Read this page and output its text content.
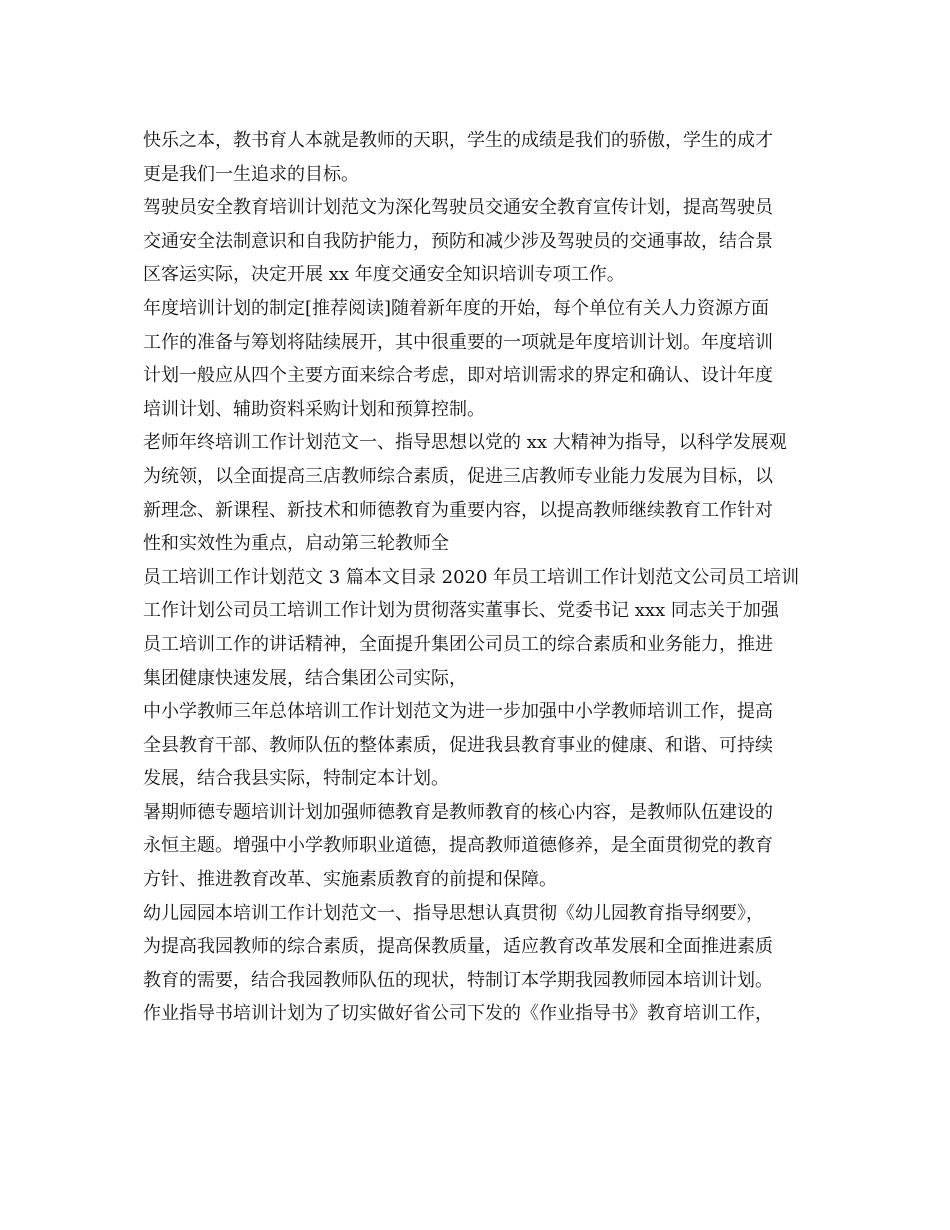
快乐之本，教书育人本就是教师的天职，学生的成绩是我们的骄傲，学生的成才
更是我们一生追求的目标。
驾驶员安全教育培训计划范文为深化驾驶员交通安全教育宣传计划，提高驾驶员
交通安全法制意识和自我防护能力，预防和减少涉及驾驶员的交通事故，结合景
区客运实际，决定开展 xx 年度交通安全知识培训专项工作。
年度培训计划的制定[推荐阅读]随着新年度的开始，每个单位有关人力资源方面
工作的准备与筹划将陆续展开，其中很重要的一项就是年度培训计划。年度培训
计划一般应从四个主要方面来综合考虑，即对培训需求的界定和确认、设计年度
培训计划、辅助资料采购计划和预算控制。
老师年终培训工作计划范文一、指导思想以党的 xx 大精神为指导，以科学发展观
为统领，以全面提高三店教师综合素质，促进三店教师专业能力发展为目标，以
新理念、新课程、新技术和师德教育为重要内容，以提高教师继续教育工作针对
性和实效性为重点，启动第三轮教师全
员工培训工作计划范文 3 篇本文目录 2020 年员工培训工作计划范文公司员工培训
工作计划公司员工培训工作计划为贯彻落实董事长、党委书记 xxx 同志关于加强
员工培训工作的讲话精神，全面提升集团公司员工的综合素质和业务能力，推进
集团健康快速发展，结合集团公司实际，
中小学教师三年总体培训工作计划范文为进一步加强中小学教师培训工作，提高
全县教育干部、教师队伍的整体素质，促进我县教育事业的健康、和谐、可持续
发展，结合我县实际，特制定本计划。
暑期师德专题培训计划加强师德教育是教师教育的核心内容，是教师队伍建设的
永恒主题。增强中小学教师职业道德，提高教师道德修养，是全面贯彻党的教育
方针、推进教育改革、实施素质教育的前提和保障。
幼儿园园本培训工作计划范文一、指导思想认真贯彻《幼儿园教育指导纲要》，
为提高我园教师的综合素质，提高保教质量，适应教育改革发展和全面推进素质
教育的需要，结合我园教师队伍的现状，特制订本学期我园教师园本培训计划。
作业指导书培训计划为了切实做好省公司下发的《作业指导书》教育培训工作，
